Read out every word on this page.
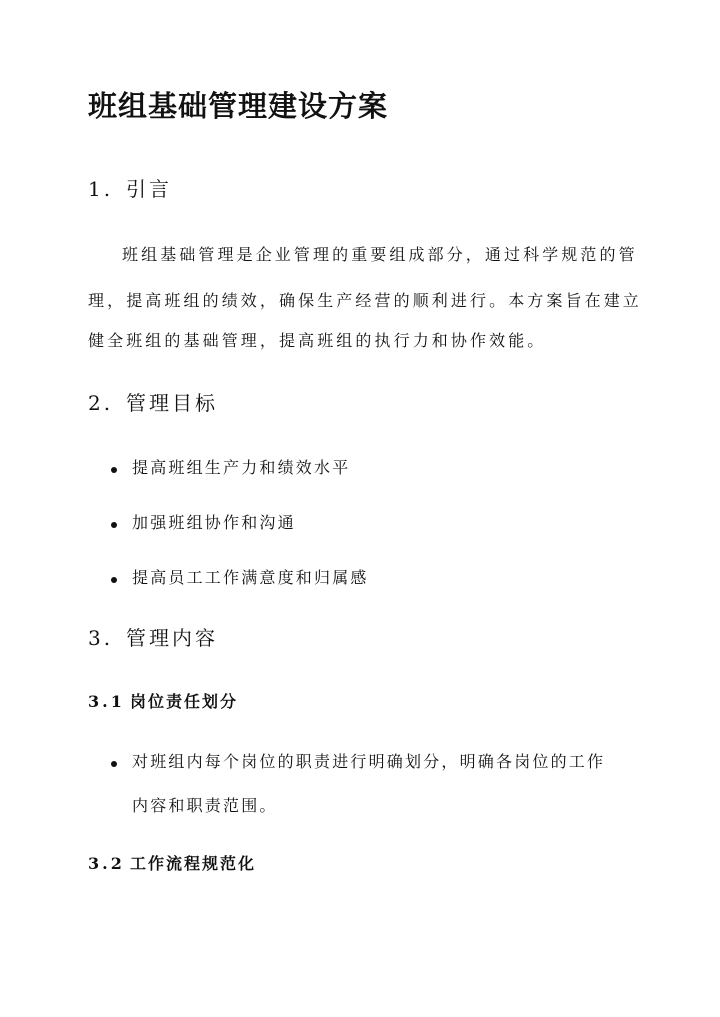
班组基础管理建设方案
1. 引言
班组基础管理是企业管理的重要组成部分，通过科学规范的管
理，提高班组的绩效，确保生产经营的顺利进行。本方案旨在建立
健全班组的基础管理，提高班组的执行力和协作效能。
2. 管理目标
提高班组生产力和绩效水平
加强班组协作和沟通
提高员工工作满意度和归属感
3. 管理内容
3.1 岗位责任划分
对班组内每个岗位的职责进行明确划分，明确各岗位的工作
内容和职责范围。
3.2 工作流程规范化
